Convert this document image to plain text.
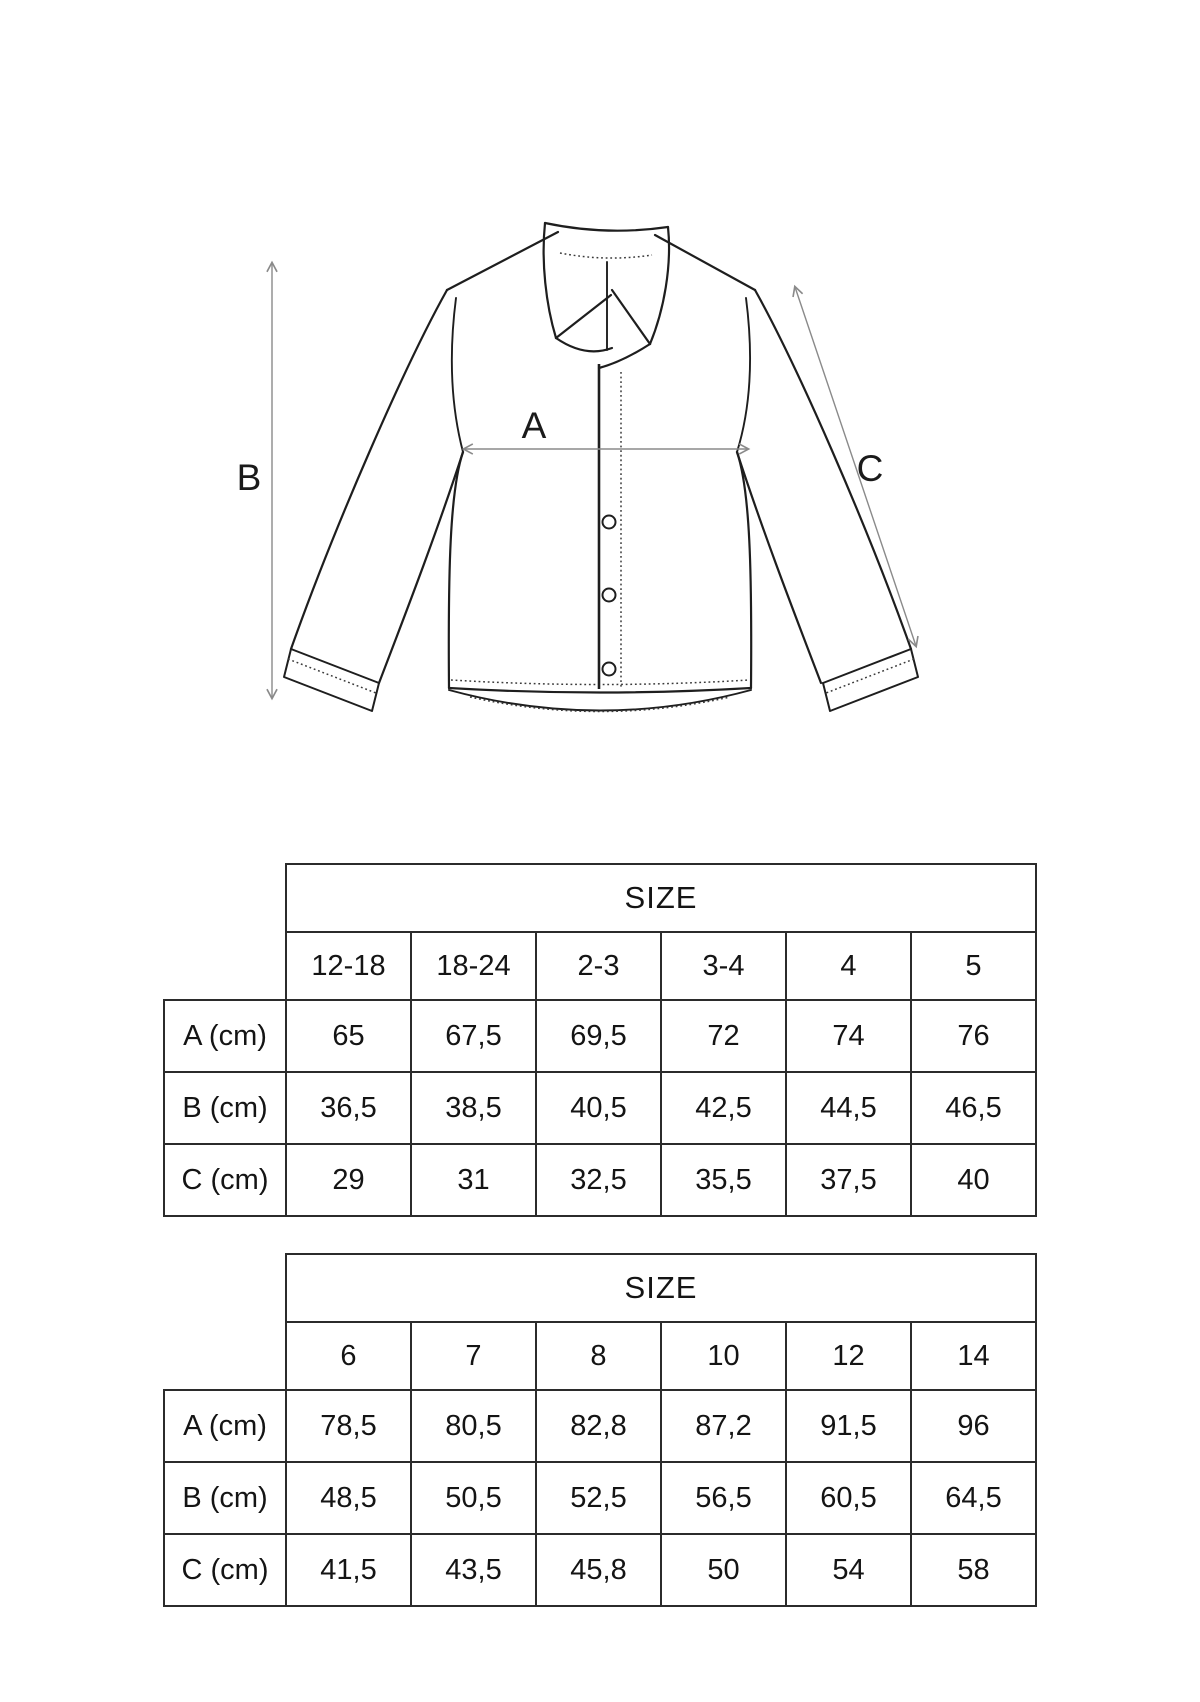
A
B	C
	SIZE					
	12-18	18-24	2-3	3-4	4	5
A (cm)	65	67,5	69,5	72	74	76
B (cm)	36,5	38,5	40,5	42,5	44,5	46,5
C (cm)	29	31	32,5	35,5	37,5	40
	SIZE					
	6	7	8	10	12	14
A (cm)	78,5	80,5	82,8	87,2	91,5	96
B (cm)	48,5	50,5	52,5	56,5	60,5	64,5
C (cm)	41,5	43,5	45,8	50	54	58
